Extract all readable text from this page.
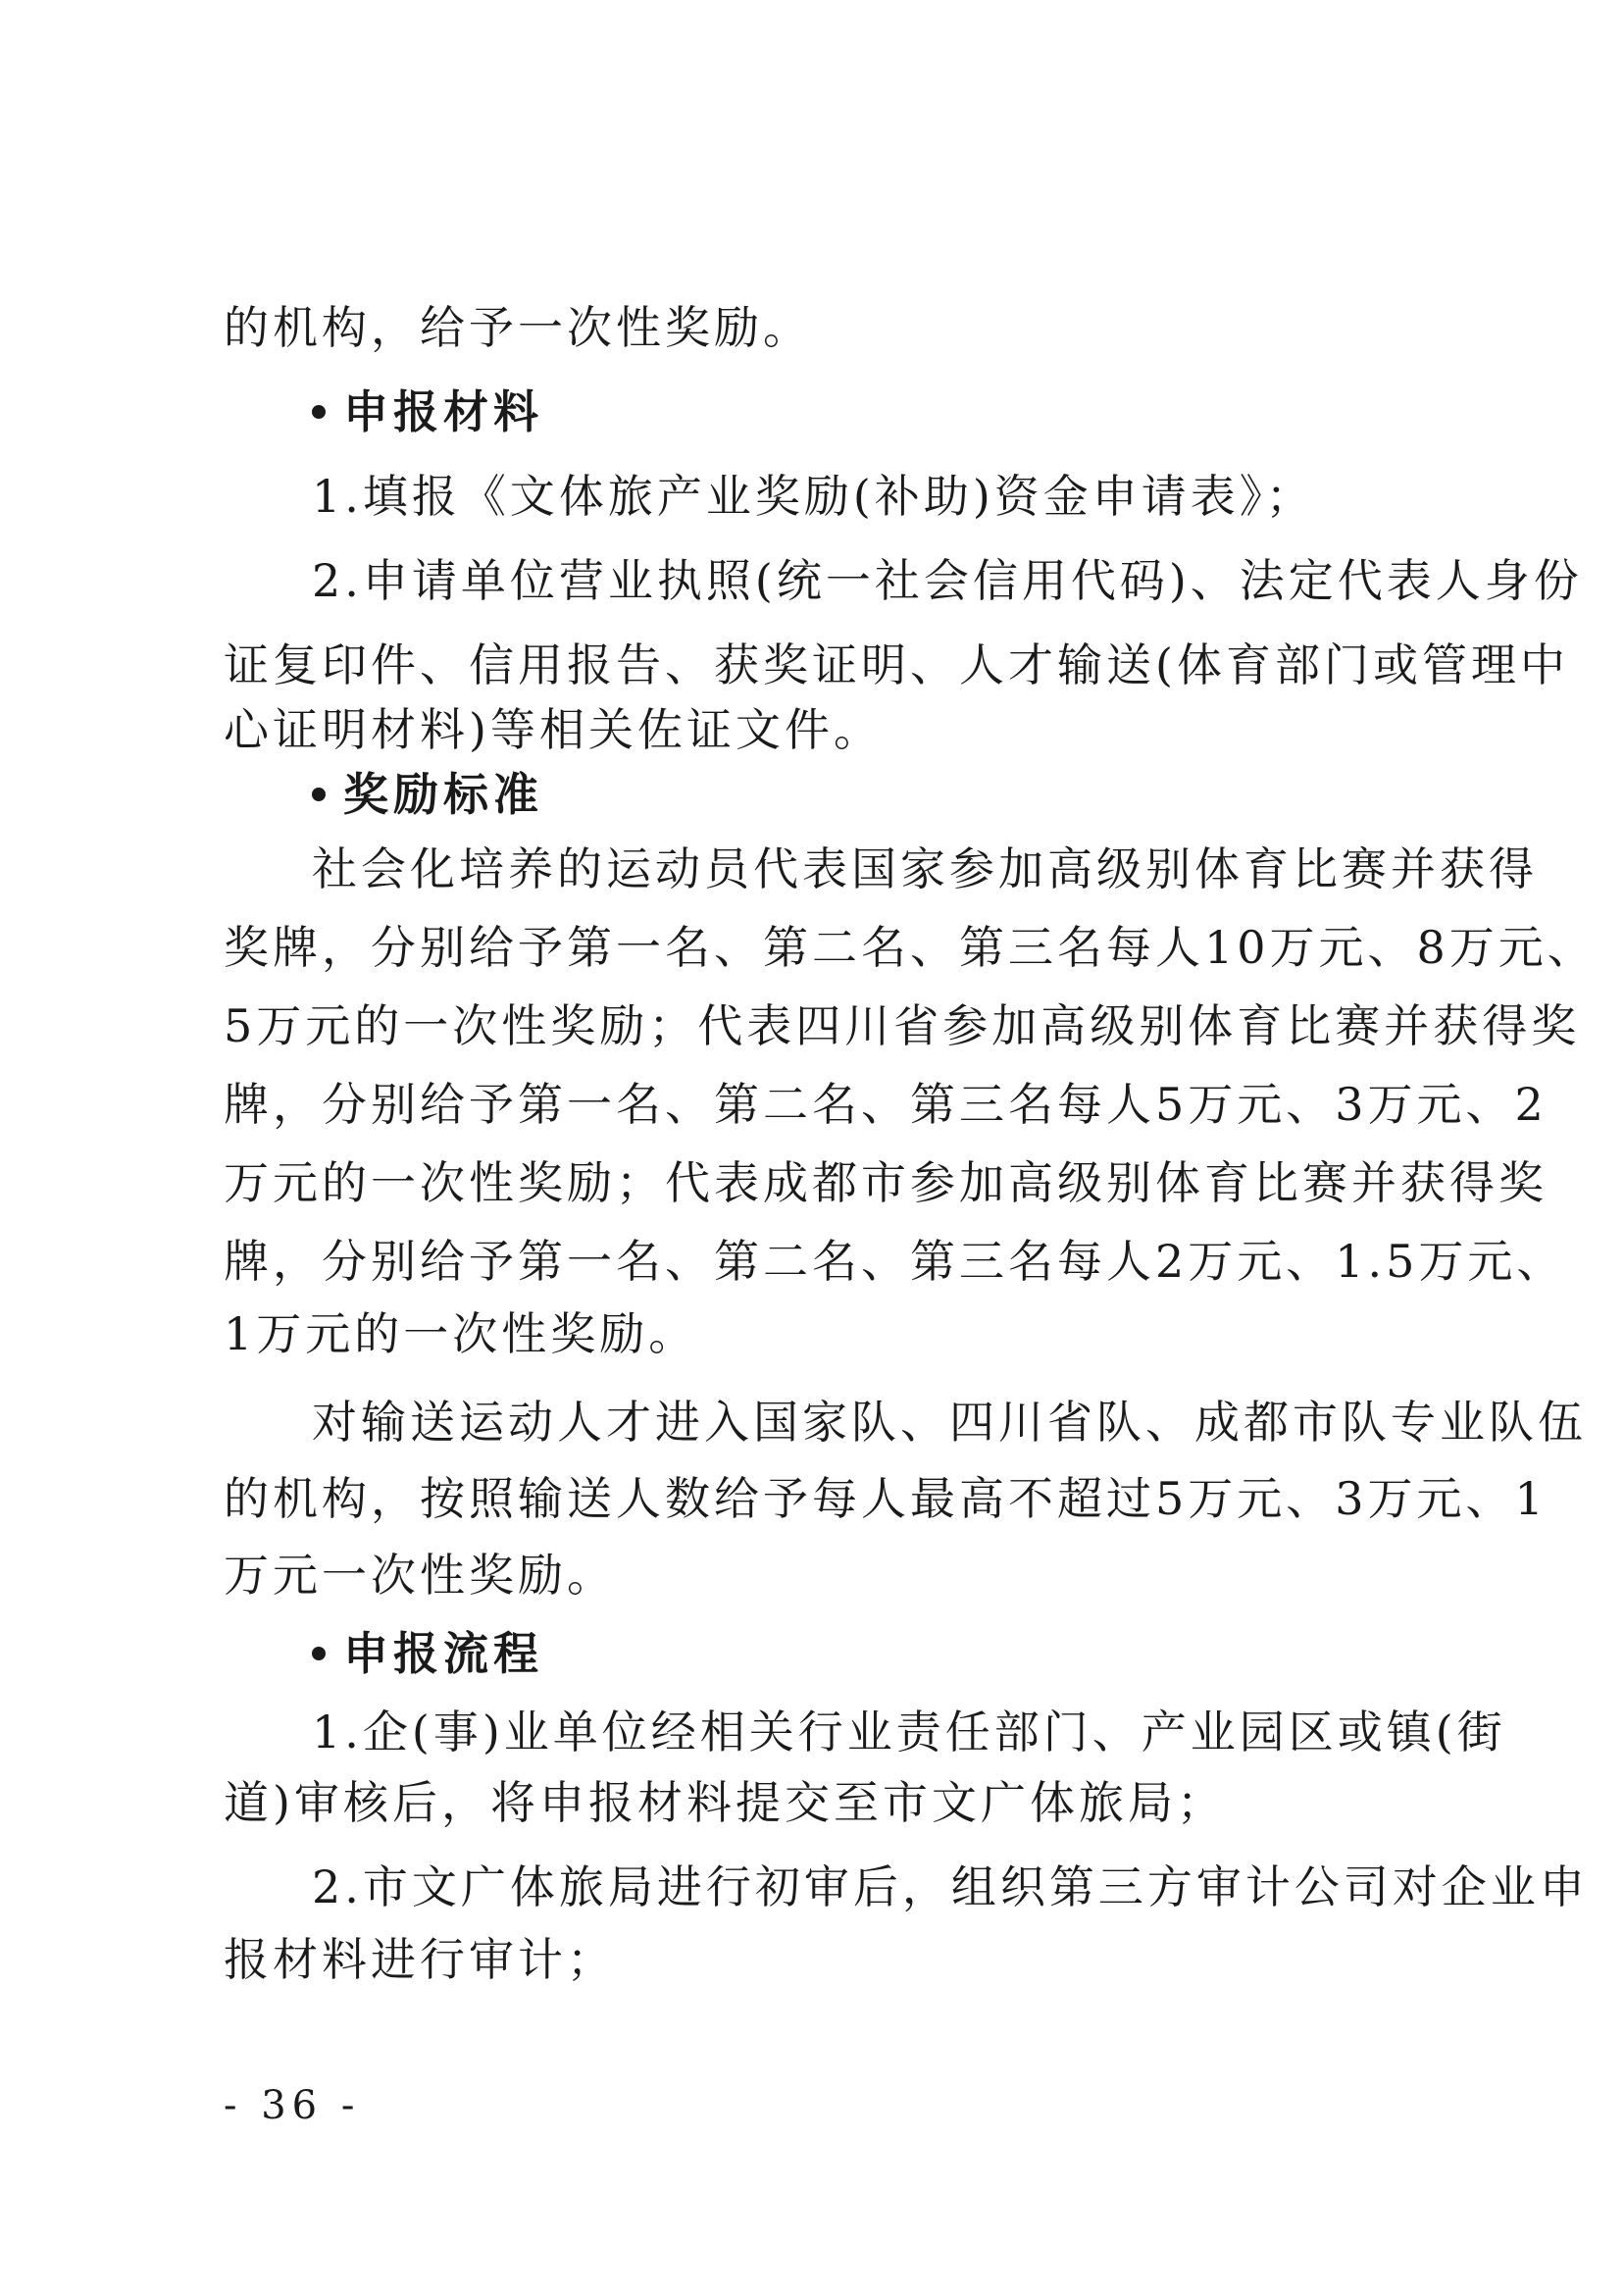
的机构，给予一次性奖励。
申报材料
1.填报《文体旅产业奖励(补助)资金申请表》；
2.申请单位营业执照(统一社会信用代码)、法定代表人身份
证复印件、信用报告、获奖证明、人才输送(体育部门或管理中
心证明材料)等相关佐证文件。
奖励标准
社会化培养的运动员代表国家参加高级别体育比赛并获得
奖牌，分别给予第一名、第二名、第三名每人10万元、8万元、
5万元的一次性奖励；代表四川省参加高级别体育比赛并获得奖
牌，分别给予第一名、第二名、第三名每人5万元、3万元、2
万元的一次性奖励；代表成都市参加高级别体育比赛并获得奖
牌，分别给予第一名、第二名、第三名每人2万元、1.5万元、
1万元的一次性奖励。
对输送运动人才进入国家队、四川省队、成都市队专业队伍
的机构，按照输送人数给予每人最高不超过5万元、3万元、1
万元一次性奖励。
申报流程
1.企(事)业单位经相关行业责任部门、产业园区或镇(街
道)审核后，将申报材料提交至市文广体旅局；
2.市文广体旅局进行初审后，组织第三方审计公司对企业申
报材料进行审计；
- 36 -
